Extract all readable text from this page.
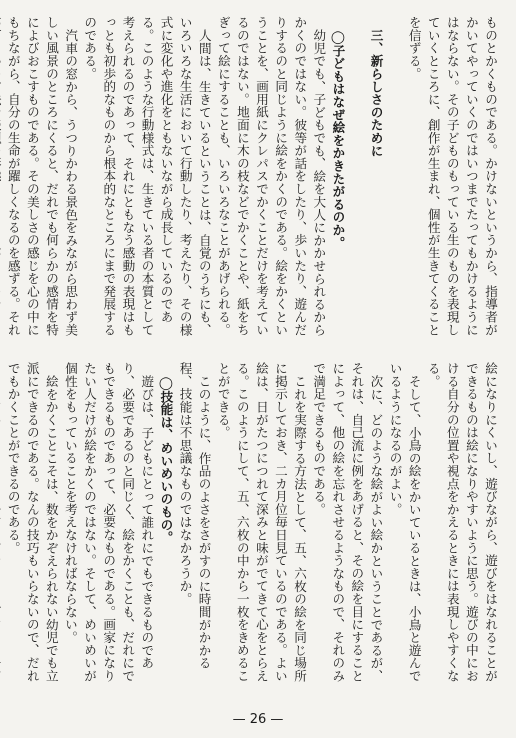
ものとかくものである。かけないというから、指導者がかいてやっていくのではいつまでたってもかけるようにはならない。その子どものもっている生のものを表現していくところに、創作が生まれ、個性が生きてくることを信ずる。

三、新らしさのために

◯子どもはなぜ絵をかきたがるのか。

幼児でも、子どもでも、絵を大人にかかせられるからかくのではない。彼等が話をしたり、歩いたり、遊んだりするのと同じように絵をかくのである。絵をかくということを、画用紙にクレパスでかくことだけを考えているのではない。地面に木の枝などでかくことや、紙をちぎって絵にすることも、いろいろなことがあげられる。

人間は、生きているということは、自覚のうちにも、いろいろな生活において行動したり、考えたり、その様式に変化や進化をともないながら成長しているのである。このような行動様式は、生きている者の本質として考えられるのであって、それにともなう感動の表現はもっとも初歩的なものから根本的なところにまで発展するのである。

汽車の窓から、うつりかわる景色をみながら思わず美しい風景のところにくると、だれでも何らかの感情を特によびおこすものである。その美しさの感じを心の中にもちながら、自分の生命が躍しくなるのを感ずる。それ

絵になりにくいし、遊びながら、遊びをはなれることができるものは絵になりやすいように思う。遊びの中における自分の位置や視点をかえるときには表現しやすくなる。

そして、小鳥の絵をかいているときは、小鳥と遊んでいるようになるのがよい。

次に、どのような絵がよい絵かということであるが、それは、自己流に例をあげると、その絵を目にすることによって、他の絵を忘れさせるようなもので、それのみで満足できるものである。

これを実際する方法として、五、六枚の絵を同じ場所に掲示しておき、二カ月位毎日見ているのである。よい絵は、日がたつにつれて深みと味がでてきて心をとらえる。このようにして、五、六枚の中から一枚をきめることができる。

このように、作品のよさをさがすのに時間がかかる程、技能は不思議なものではなかろうか。

◯技能は、めいめいのもの。

遊びは、子どもにとって誰れにでもできるものであり、必要であるのと同じく、絵をかくことも、だれにでもできるものであって、必要なものである。画家になりたい人だけが絵をかくのではない。そして、めいめいが個性をもっていることを考えなければならない。

絵をかくことこそは、数をかぞえられない幼児でも立派にできるのである。なんの技巧もいらないので、だれでもかくことができるのである。

— 26 —
